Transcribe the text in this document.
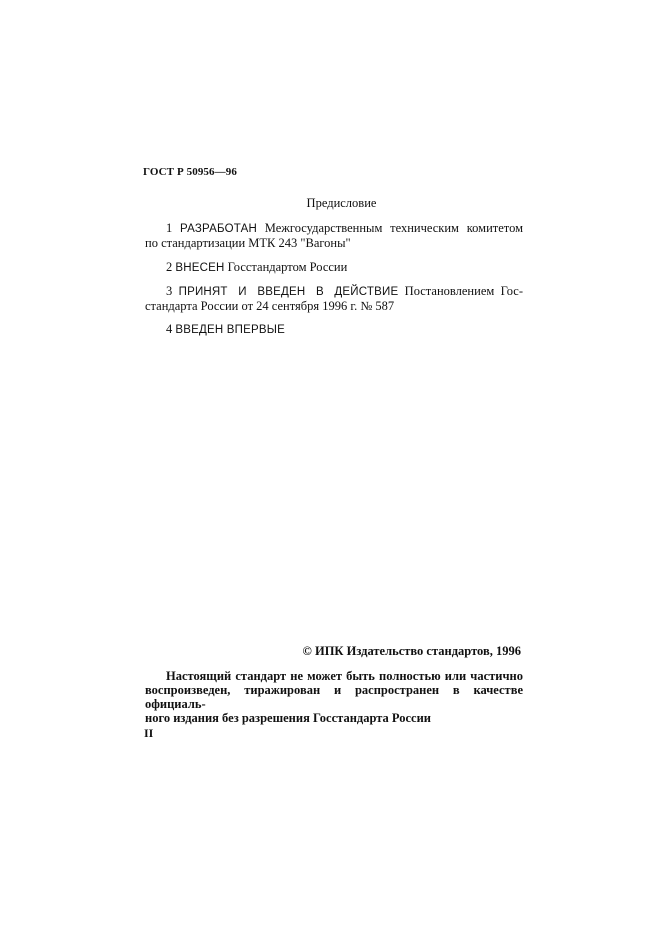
ГОСТ Р 50956—96
Предисловие
1 РАЗРАБОТАН Межгосударственным техническим комитетом
по стандартизации МТК 243 "Вагоны"
2 ВНЕСЕН Госстандартом России
3 ПРИНЯТ И ВВЕДЕН В ДЕЙСТВИЕ Постановлением Гос-
стандарта России от 24 сентября 1996 г. № 587
4 ВВЕДЕН ВПЕРВЫЕ
© ИПК Издательство стандартов, 1996
Настоящий стандарт не может быть полностью или частично
воспроизведен, тиражирован и распространен в качестве официаль-
ного издания без разрешения Госстандарта России
II
